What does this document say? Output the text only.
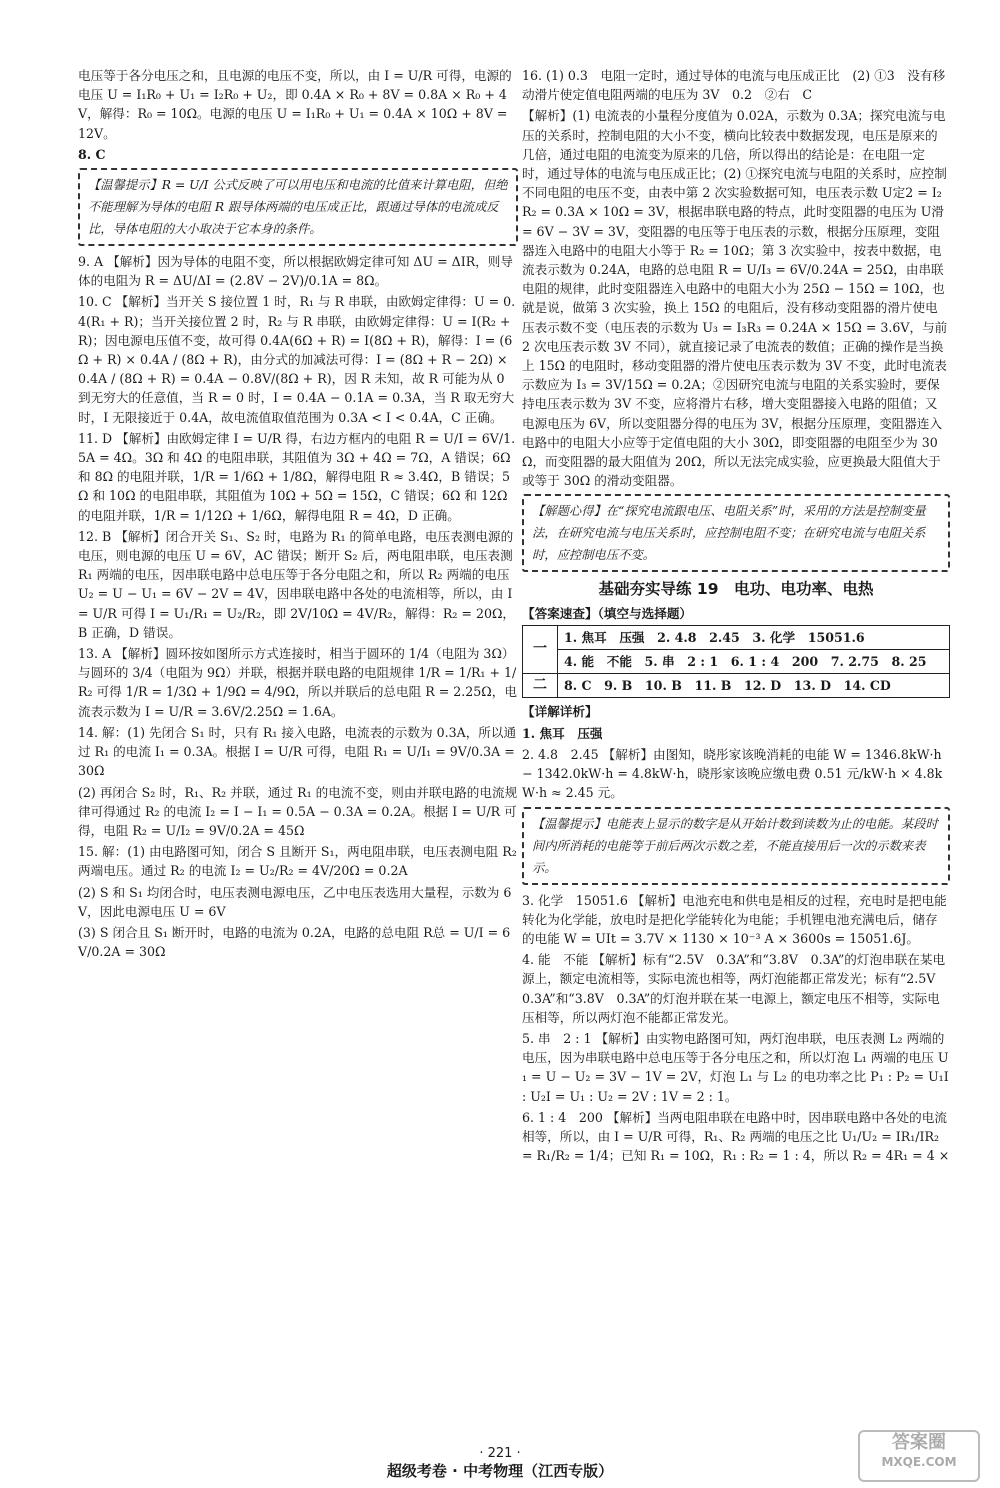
电压等于各分电压之和，且电源的电压不变，所以，由 I = U/R 可得，电源的电压 U = I₁R₀ + U₁ = I₂R₀ + U₂，即 0.4A × R₀ + 8V = 0.8A × R₀ + 4V，解得：R₀ = 10Ω。电源的电压 U = I₁R₀ + U₁ = 0.4A × 10Ω + 8V = 12V。

8. C

【温馨提示】R = U/I 公式反映了可以用电压和电流的比值来计算电阻，但绝不能理解为导体的电阻 R 跟导体两端的电压成正比，跟通过导体的电流成反比，导体电阻的大小取决于它本身的条件。

9. A 【解析】因为导体的电阻不变，所以根据欧姆定律可知 ΔU = ΔIR，则导体的电阻为 R = ΔU/ΔI = (2.8V − 2V)/0.1A = 8Ω。

10. C 【解析】当开关 S 接位置 1 时，R₁ 与 R 串联，由欧姆定律得：U = 0.4(R₁ + R)；当开关接位置 2 时，R₂ 与 R 串联，由欧姆定律得：U = I(R₂ + R)；因电源电压值不变，故可得 0.4A(6Ω + R) = I(8Ω + R)，解得：I = (6Ω + R) × 0.4A / (8Ω + R)，由分式的加减法可得：I = (8Ω + R − 2Ω) × 0.4A / (8Ω + R) = 0.4A − 0.8V/(8Ω + R)，因 R 未知，故 R 可能为从 0 到无穷大的任意值，当 R = 0 时，I = 0.4A − 0.1A = 0.3A，当 R 取无穷大时，I 无限接近于 0.4A，故电流值取值范围为 0.3A < I < 0.4A，C 正确。

11. D 【解析】由欧姆定律 I = U/R 得，右边方框内的电阻 R = U/I = 6V/1.5A = 4Ω。3Ω 和 4Ω 的电阻串联，其阻值为 3Ω + 4Ω = 7Ω，A 错误；6Ω 和 8Ω 的电阻并联，1/R = 1/6Ω + 1/8Ω，解得电阻 R ≈ 3.4Ω，B 错误；5Ω 和 10Ω 的电阻串联，其阻值为 10Ω + 5Ω = 15Ω，C 错误；6Ω 和 12Ω 的电阻并联，1/R = 1/12Ω + 1/6Ω，解得电阻 R = 4Ω，D 正确。

12. B 【解析】闭合开关 S₁、S₂ 时，电路为 R₁ 的简单电路，电压表测电源的电压，则电源的电压 U = 6V，AC 错误；断开 S₂ 后，两电阻串联，电压表测 R₁ 两端的电压，因串联电路中总电压等于各分电阻之和，所以 R₂ 两端的电压 U₂ = U − U₁ = 6V − 2V = 4V，因串联电路中各处的电流相等，所以，由 I = U/R 可得 I = U₁/R₁ = U₂/R₂，即 2V/10Ω = 4V/R₂，解得：R₂ = 20Ω，B 正确，D 错误。

13. A 【解析】圆环按如图所示方式连接时，相当于圆环的 1/4（电阻为 3Ω）与圆环的 3/4（电阻为 9Ω）并联，根据并联电路的电阻规律 1/R = 1/R₁ + 1/R₂ 可得 1/R = 1/3Ω + 1/9Ω = 4/9Ω，所以并联后的总电阻 R = 2.25Ω，电流表示数为 I = U/R = 3.6V/2.25Ω = 1.6A。

14. 解：(1) 先闭合 S₁ 时，只有 R₁ 接入电路，电流表的示数为 0.3A，所以通过 R₁ 的电流 I₁ = 0.3A。根据 I = U/R 可得，电阻 R₁ = U/I₁ = 9V/0.3A = 30Ω

(2) 再闭合 S₂ 时，R₁、R₂ 并联，通过 R₁ 的电流不变，则由并联电路的电流规律可得通过 R₂ 的电流 I₂ = I − I₁ = 0.5A − 0.3A = 0.2A。根据 I = U/R 可得，电阻 R₂ = U/I₂ = 9V/0.2A = 45Ω

15. 解：(1) 由电路图可知，闭合 S 且断开 S₁，两电阻串联，电压表测电阻 R₂ 两端电压。通过 R₂ 的电流 I₂ = U₂/R₂ = 4V/20Ω = 0.2A

(2) S 和 S₁ 均闭合时，电压表测电源电压，乙中电压表选用大量程，示数为 6V，因此电源电压 U = 6V

(3) S 闭合且 S₁ 断开时，电路的电流为 0.2A，电路的总电阻 R总 = U/I = 6V/0.2A = 30Ω

16. (1) 0.3　电阻一定时，通过导体的电流与电压成正比　(2) ①3　没有移动滑片使定值电阻两端的电压为 3V　0.2　②右　C

【解析】(1) 电流表的小量程分度值为 0.02A，示数为 0.3A；探究电流与电压的关系时，控制电阻的大小不变，横向比较表中数据发现，电压是原来的几倍，通过电阻的电流变为原来的几倍，所以得出的结论是：在电阻一定时，通过导体的电流与电压成正比；(2) ①探究电流与电阻的关系时，应控制不同电阻的电压不变，由表中第 2 次实验数据可知，电压表示数 U定2 = I₂R₂ = 0.3A × 10Ω = 3V，根据串联电路的特点，此时变阻器的电压为 U滑 = 6V − 3V = 3V，变阻器的电压等于电压表的示数，根据分压原理，变阻器连入电路中的电阻大小等于 R₂ = 10Ω；第 3 次实验中，按表中数据，电流表示数为 0.24A，电路的总电阻 R = U/I₃ = 6V/0.24A = 25Ω，由串联电阻的规律，此时变阻器连入电路中的电阻大小为 25Ω − 15Ω = 10Ω，也就是说，做第 3 次实验，换上 15Ω 的电阻后，没有移动变阻器的滑片使电压表示数不变（电压表的示数为 U₃ = I₃R₃ = 0.24A × 15Ω = 3.6V，与前 2 次电压表示数 3V 不同），就直接记录了电流表的数值；正确的操作是当换上 15Ω 的电阻时，移动变阻器的滑片使电压表示数为 3V 不变，此时电流表示数应为 I₃ = 3V/15Ω = 0.2A；②因研究电流与电阻的关系实验时，要保持电压表示数为 3V 不变，应将滑片右移，增大变阻器接入电路的阻值；又电源电压为 6V，所以变阻器分得的电压为 3V，根据分压原理，变阻器连入电路中的电阻大小应等于定值电阻的大小 30Ω，即变阻器的电阻至少为 30Ω，而变阻器的最大阻值为 20Ω，所以无法完成实验，应更换最大阻值大于或等于 30Ω 的滑动变阻器。

【解题心得】在“探究电流跟电压、电阻关系”时，采用的方法是控制变量法，在研究电流与电压关系时，应控制电阻不变；在研究电流与电阻关系时，应控制电压不变。
基础夯实导练 19　电功、电功率、电热
【答案速查】（填空与选择题）
一	1. 焦耳　压强　2. 4.8　2.45　3. 化学　15051.6
	4. 能　不能　5. 串　2 : 1　6. 1 : 4　200　7. 2.75　8. 25
二	8. C　9. B　10. B　11. B　12. D　13. D　14. CD
【详解详析】

1. 焦耳　压强

2. 4.8　2.45 【解析】由图知，晓彤家该晚消耗的电能 W = 1346.8kW·h − 1342.0kW·h = 4.8kW·h，晓彤家该晚应缴电费 0.51 元/kW·h × 4.8kW·h ≈ 2.45 元。

【温馨提示】电能表上显示的数字是从开始计数到读数为止的电能。某段时间内所消耗的电能等于前后两次示数之差，不能直接用后一次的示数来表示。

3. 化学　15051.6 【解析】电池充电和供电是相反的过程，充电时是把电能转化为化学能，放电时是把化学能转化为电能；手机锂电池充满电后，储存的电能 W = UIt = 3.7V × 1130 × 10⁻³ A × 3600s = 15051.6J。

4. 能　不能 【解析】标有“2.5V　0.3A”和“3.8V　0.3A”的灯泡串联在某电源上，额定电流相等，实际电流也相等，两灯泡能都正常发光；标有“2.5V　0.3A”和“3.8V　0.3A”的灯泡并联在某一电源上，额定电压不相等，实际电压相等，所以两灯泡不能都正常发光。

5. 串　2 : 1 【解析】由实物电路图可知，两灯泡串联，电压表测 L₂ 两端的电压，因为串联电路中总电压等于各分电压之和，所以灯泡 L₁ 两端的电压 U₁ = U − U₂ = 3V − 1V = 2V，灯泡 L₁ 与 L₂ 的电功率之比 P₁ : P₂ = U₁I : U₂I = U₁ : U₂ = 2V : 1V = 2 : 1。

6. 1 : 4　200 【解析】当两电阻串联在电路中时，因串联电路中各处的电流相等，所以，由 I = U/R 可得，R₁、R₂ 两端的电压之比 U₁/U₂ = IR₁/IR₂ = R₁/R₂ = 1/4；已知 R₁ = 10Ω，R₁ : R₂ = 1 : 4，所以 R₂ = 4R₁ = 4 ×

· 221 ·
超级考卷 · 中考物理（江西专版）
答案圈
MXQE.COM
